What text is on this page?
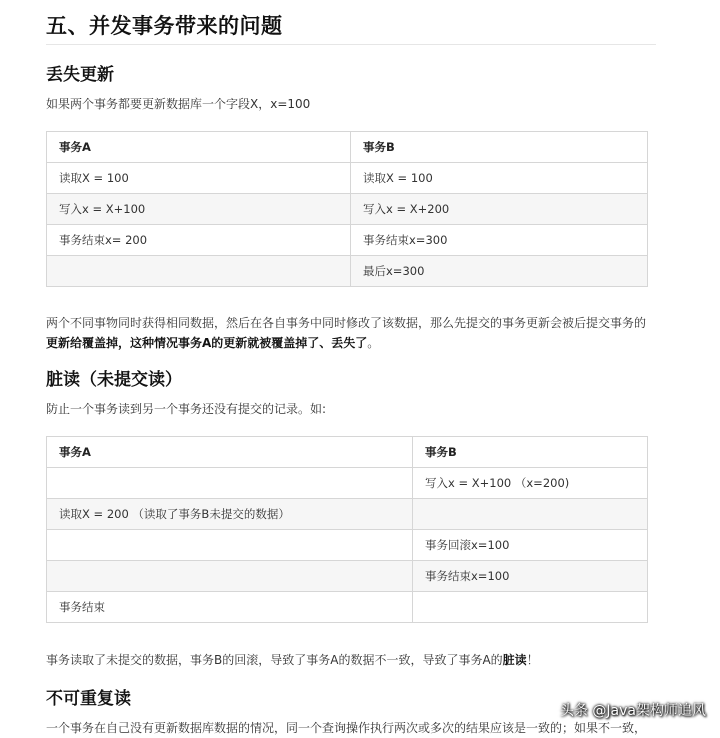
五、并发事务带来的问题
丢失更新
如果两个事务都要更新数据库一个字段X，x=100
事务A	事务B
读取X = 100	读取X = 100
写入x = X+100	写入x = X+200
事务结束x= 200	事务结束x=300
	最后x=300
两个不同事物同时获得相同数据，然后在各自事务中同时修改了该数据，那么先提交的事务更新会被后提交事务的
更新给覆盖掉，这种情况事务A的更新就被覆盖掉了、丢失了。
脏读（未提交读）
防止一个事务读到另一个事务还没有提交的记录。如:
事务A	事务B
	写入x = X+100 （x=200)
读取X = 200 （读取了事务B未提交的数据）	
	事务回滚x=100
	事务结束x=100
事务结束	
事务读取了未提交的数据，事务B的回滚，导致了事务A的数据不一致，导致了事务A的脏读！
不可重复读
一个事务在自己没有更新数据库数据的情况，同一个查询操作执行两次或多次的结果应该是一致的；如果不一致，
头条 @Java架构师追风
